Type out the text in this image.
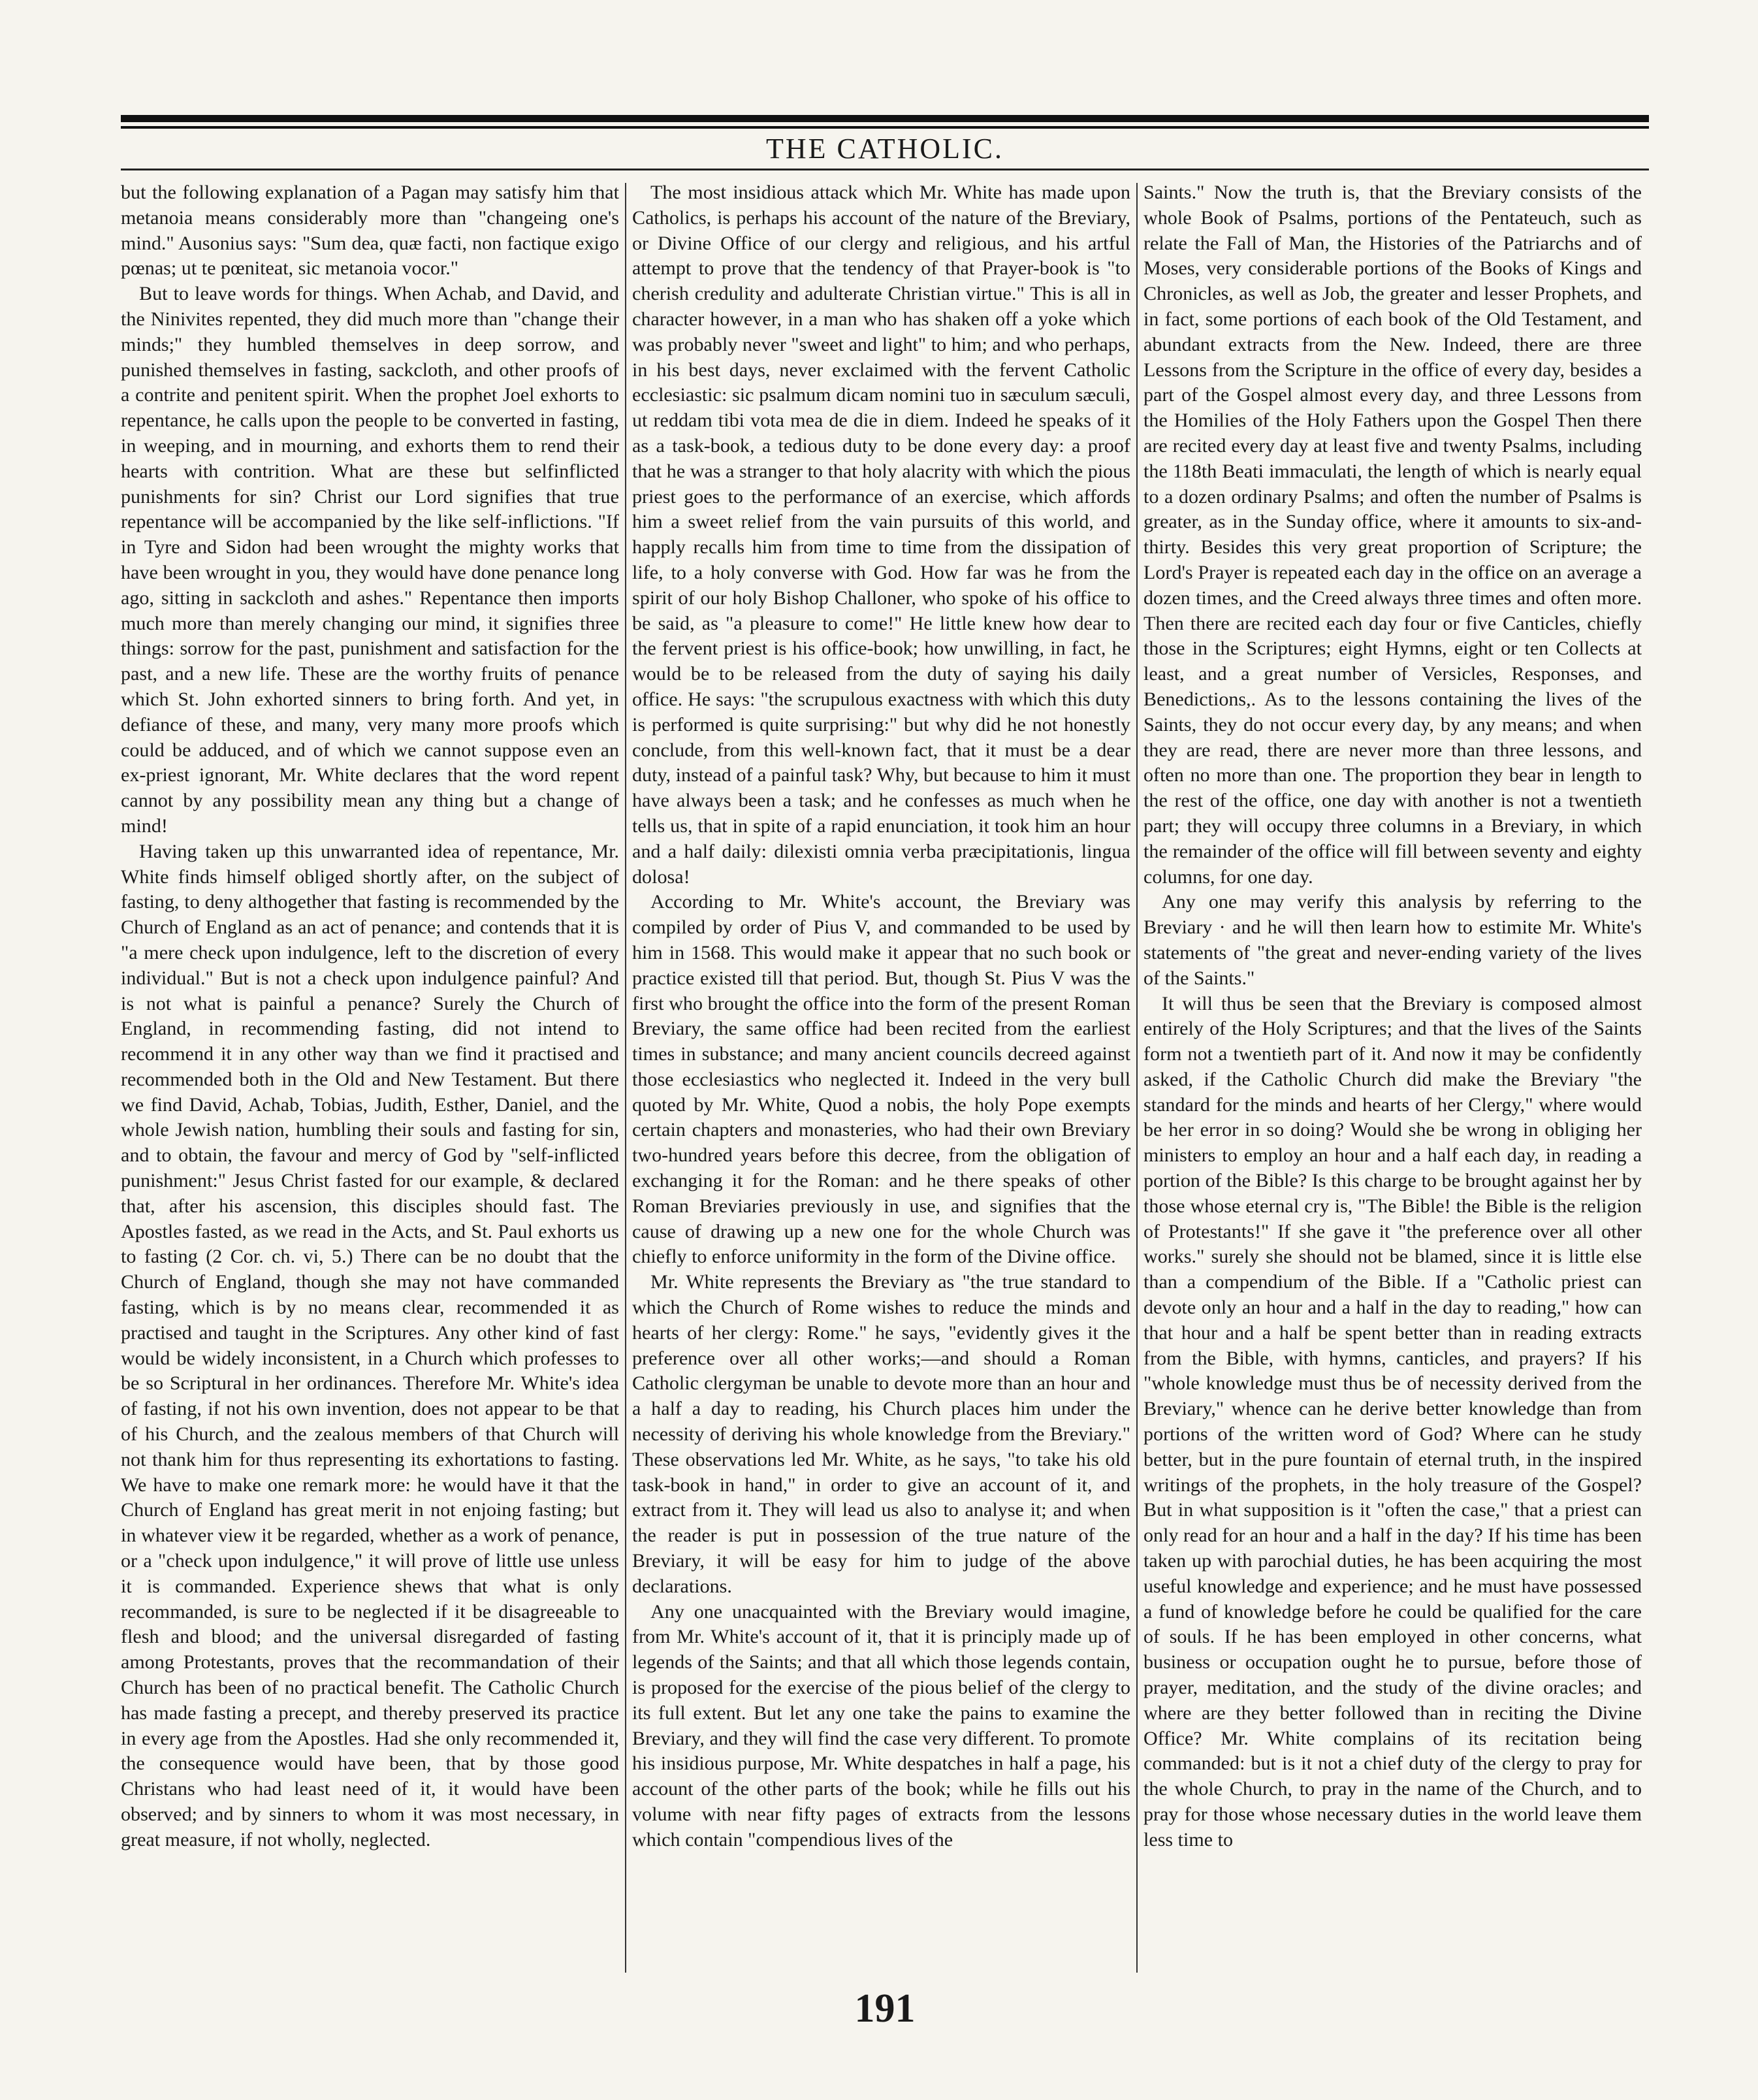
THE CATHOLIC.

but the following explanation of a Pagan may satisfy him that metanoia means considerably more than "changeing one's mind." Ausonius says: "Sum dea, quæ facti, non factique exigo pœnas; ut te pœniteat, sic metanoia vocor."

But to leave words for things. When Achab, and David, and the Ninivites repented, they did much more than "change their minds;" they humbled themselves in deep sorrow, and punished themselves in fasting, sackcloth, and other proofs of a contrite and penitent spirit. When the prophet Joel exhorts to repentance, he calls upon the people to be converted in fasting, in weeping, and in mourning, and exhorts them to rend their hearts with contrition. What are these but selfinflicted punishments for sin? Christ our Lord signifies that true repentance will be accompanied by the like self-inflictions. "If in Tyre and Sidon had been wrought the mighty works that have been wrought in you, they would have done penance long ago, sitting in sackcloth and ashes." Repentance then imports much more than merely changing our mind, it signifies three things: sorrow for the past, punishment and satisfaction for the past, and a new life. These are the worthy fruits of penance which St. John exhorted sinners to bring forth. And yet, in defiance of these, and many, very many more proofs which could be adduced, and of which we cannot suppose even an ex-priest ignorant, Mr. White declares that the word repent cannot by any possibility mean any thing but a change of mind!

Having taken up this unwarranted idea of repentance, Mr. White finds himself obliged shortly after, on the subject of fasting, to deny althogether that fasting is recommended by the Church of England as an act of penance; and contends that it is "a mere check upon indulgence, left to the discretion of every individual." But is not a check upon indulgence painful? And is not what is painful a penance? Surely the Church of England, in recommending fasting, did not intend to recommend it in any other way than we find it practised and recommended both in the Old and New Testament. But there we find David, Achab, Tobias, Judith, Esther, Daniel, and the whole Jewish nation, humbling their souls and fasting for sin, and to obtain, the favour and mercy of God by "self-inflicted punishment:" Jesus Christ fasted for our example, & declared that, after his ascension, this disciples should fast. The Apostles fasted, as we read in the Acts, and St. Paul exhorts us to fasting (2 Cor. ch. vi, 5.) There can be no doubt that the Church of England, though she may not have commanded fasting, which is by no means clear, recommended it as practised and taught in the Scriptures. Any other kind of fast would be widely inconsistent, in a Church which professes to be so Scriptural in her ordinances. Therefore Mr. White's idea of fasting, if not his own invention, does not appear to be that of his Church, and the zealous members of that Church will not thank him for thus representing its exhortations to fasting. We have to make one remark more: he would have it that the Church of England has great merit in not enjoing fasting; but in whatever view it be regarded, whether as a work of penance, or a "check upon indulgence," it will prove of little use unless it is commanded. Experience shews that what is only recommanded, is sure to be neglected if it be disagreeable to flesh and blood; and the universal disregarded of fasting among Protestants, proves that the recommandation of their Church has been of no practical benefit. The Catholic Church has made fasting a precept, and thereby preserved its practice in every age from the Apostles. Had she only recommended it, the consequence would have been, that by those good Christans who had least need of it, it would have been observed; and by sinners to whom it was most necessary, in great measure, if not wholly, neglected.

The most insidious attack which Mr. White has made upon Catholics, is perhaps his account of the nature of the Breviary, or Divine Office of our clergy and religious, and his artful attempt to prove that the tendency of that Prayer-book is "to cherish credulity and adulterate Christian virtue." This is all in character however, in a man who has shaken off a yoke which was probably never "sweet and light" to him; and who perhaps, in his best days, never exclaimed with the fervent Catholic ecclesiastic: sic psalmum dicam nomini tuo in sæculum sæculi, ut reddam tibi vota mea de die in diem. Indeed he speaks of it as a task-book, a tedious duty to be done every day: a proof that he was a stranger to that holy alacrity with which the pious priest goes to the performance of an exercise, which affords him a sweet relief from the vain pursuits of this world, and happly recalls him from time to time from the dissipation of life, to a holy converse with God. How far was he from the spirit of our holy Bishop Challoner, who spoke of his office to be said, as "a pleasure to come!" He little knew how dear to the fervent priest is his office-book; how unwilling, in fact, he would be to be released from the duty of saying his daily office. He says: "the scrupulous exactness with which this duty is performed is quite surprising:" but why did he not honestly conclude, from this well-known fact, that it must be a dear duty, instead of a painful task? Why, but because to him it must have always been a task; and he confesses as much when he tells us, that in spite of a rapid enunciation, it took him an hour and a half daily: dilexisti omnia verba præcipitationis, lingua dolosa!

According to Mr. White's account, the Breviary was compiled by order of Pius V, and commanded to be used by him in 1568. This would make it appear that no such book or practice existed till that period. But, though St. Pius V was the first who brought the office into the form of the present Roman Breviary, the same office had been recited from the earliest times in substance; and many ancient councils decreed against those ecclesiastics who neglected it. Indeed in the very bull quoted by Mr. White, Quod a nobis, the holy Pope exempts certain chapters and monasteries, who had their own Breviary two-hundred years before this decree, from the obligation of exchanging it for the Roman: and he there speaks of other Roman Breviaries previously in use, and signifies that the cause of drawing up a new one for the whole Church was chiefly to enforce uniformity in the form of the Divine office.

Mr. White represents the Breviary as "the true standard to which the Church of Rome wishes to reduce the minds and hearts of her clergy: Rome." he says, "evidently gives it the preference over all other works;—and should a Roman Catholic clergyman be unable to devote more than an hour and a half a day to reading, his Church places him under the necessity of deriving his whole knowledge from the Breviary." These observations led Mr. White, as he says, "to take his old task-book in hand," in order to give an account of it, and extract from it. They will lead us also to analyse it; and when the reader is put in possession of the true nature of the Breviary, it will be easy for him to judge of the above declarations.

Any one unacquainted with the Breviary would imagine, from Mr. White's account of it, that it is principly made up of legends of the Saints; and that all which those legends contain, is proposed for the exercise of the pious belief of the clergy to its full extent. But let any one take the pains to examine the Breviary, and they will find the case very different. To promote his insidious purpose, Mr. White despatches in half a page, his account of the other parts of the book; while he fills out his volume with near fifty pages of extracts from the lessons which contain "compendious lives of the

Saints." Now the truth is, that the Breviary consists of the whole Book of Psalms, portions of the Pentateuch, such as relate the Fall of Man, the Histories of the Patriarchs and of Moses, very considerable portions of the Books of Kings and Chronicles, as well as Job, the greater and lesser Prophets, and in fact, some portions of each book of the Old Testament, and abundant extracts from the New. Indeed, there are three Lessons from the Scripture in the office of every day, besides a part of the Gospel almost every day, and three Lessons from the Homilies of the Holy Fathers upon the Gospel Then there are recited every day at least five and twenty Psalms, including the 118th Beati immaculati, the length of which is nearly equal to a dozen ordinary Psalms; and often the number of Psalms is greater, as in the Sunday office, where it amounts to six-and-thirty. Besides this very great proportion of Scripture; the Lord's Prayer is repeated each day in the office on an average a dozen times, and the Creed always three times and often more. Then there are recited each day four or five Canticles, chiefly those in the Scriptures; eight Hymns, eight or ten Collects at least, and a great number of Versicles, Responses, and Benedictions,. As to the lessons containing the lives of the Saints, they do not occur every day, by any means; and when they are read, there are never more than three lessons, and often no more than one. The proportion they bear in length to the rest of the office, one day with another is not a twentieth part; they will occupy three columns in a Breviary, in which the remainder of the office will fill between seventy and eighty columns, for one day.

Any one may verify this analysis by referring to the Breviary · and he will then learn how to estimite Mr. White's statements of "the great and never-ending variety of the lives of the Saints."

It will thus be seen that the Breviary is composed almost entirely of the Holy Scriptures; and that the lives of the Saints form not a twentieth part of it. And now it may be confidently asked, if the Catholic Church did make the Breviary "the standard for the minds and hearts of her Clergy," where would be her error in so doing? Would she be wrong in obliging her ministers to employ an hour and a half each day, in reading a portion of the Bible? Is this charge to be brought against her by those whose eternal cry is, "The Bible! the Bible is the religion of Protestants!" If she gave it "the preference over all other works." surely she should not be blamed, since it is little else than a compendium of the Bible. If a "Catholic priest can devote only an hour and a half in the day to reading," how can that hour and a half be spent better than in reading extracts from the Bible, with hymns, canticles, and prayers? If his "whole knowledge must thus be of necessity derived from the Breviary," whence can he derive better knowledge than from portions of the written word of God? Where can he study better, but in the pure fountain of eternal truth, in the inspired writings of the prophets, in the holy treasure of the Gospel? But in what supposition is it "often the case," that a priest can only read for an hour and a half in the day? If his time has been taken up with parochial duties, he has been acquiring the most useful knowledge and experience; and he must have possessed a fund of knowledge before he could be qualified for the care of souls. If he has been employed in other concerns, what business or occupation ought he to pursue, before those of prayer, meditation, and the study of the divine oracles; and where are they better followed than in reciting the Divine Office? Mr. White complains of its recitation being commanded: but is it not a chief duty of the clergy to pray for the whole Church, to pray in the name of the Church, and to pray for those whose necessary duties in the world leave them less time to

191
